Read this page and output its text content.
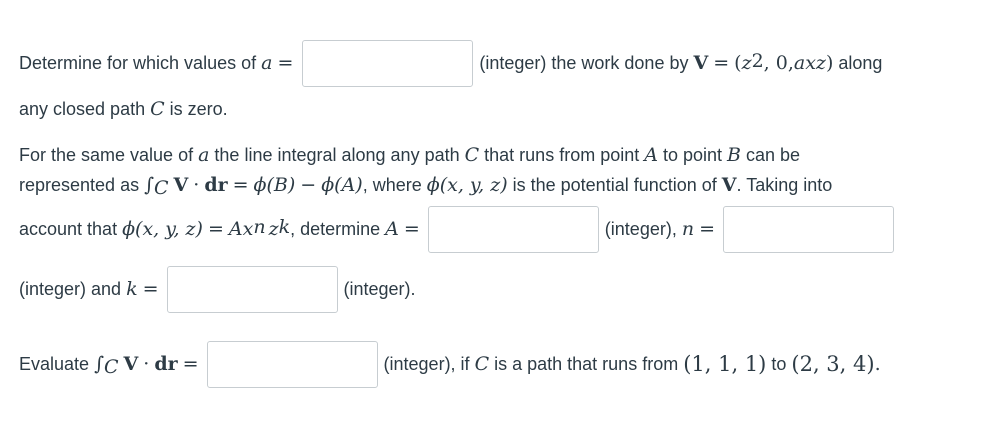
Determine for which values of a =	(integer) the work done by V = ( $z^2$ , 0, axz ) along
any closed path C is zero.
For the same value of a the line integral along any path C that runs from point A to point B can be
represented as $\int_C$ V · dr = ϕ(B) − ϕ(A) , where ϕ(x, y, z) is the potential function of V . Taking into
account that ϕ(x, y, $z) = Ax^n$ $z^k$ , determine A =	(integer), n =
(integer) and k =	(integer).
Evaluate $\int_C$ V · dr =	(integer), if C is a path that runs from (1, 1, 1) to (2, 3, 4) .
